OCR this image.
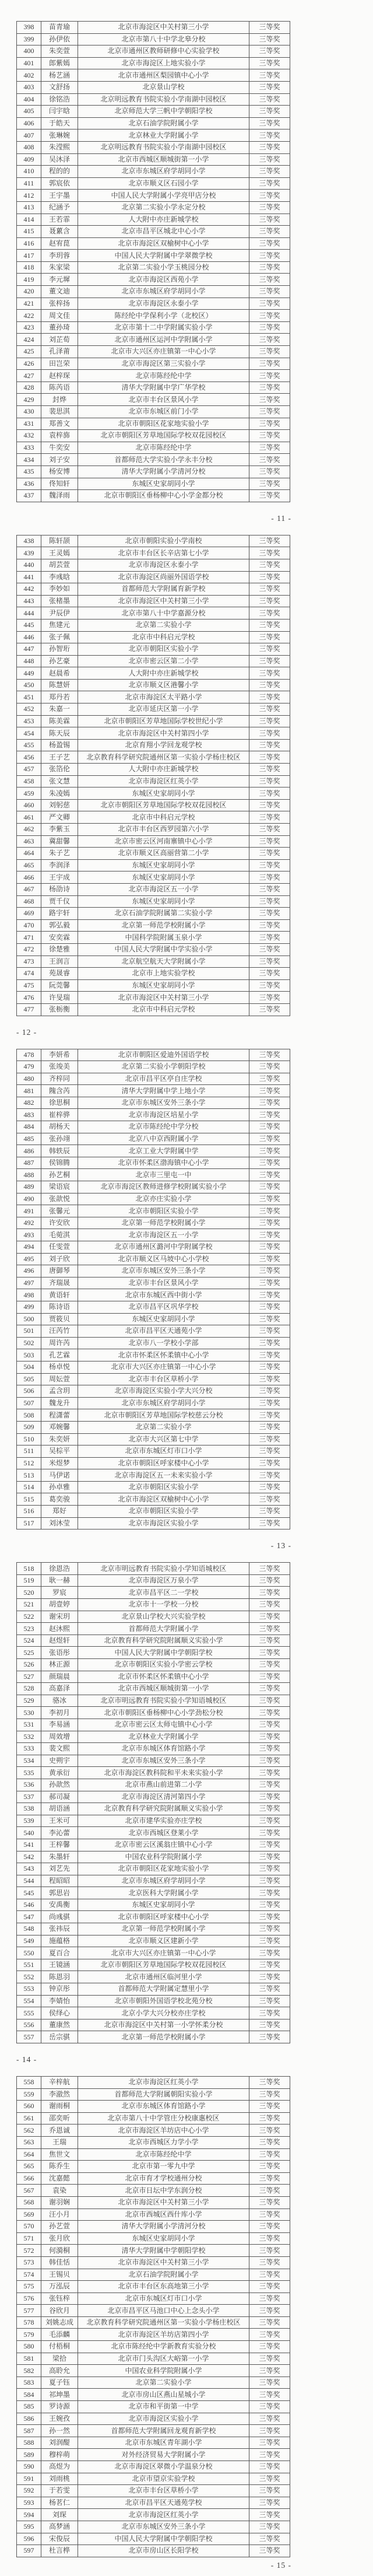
398	苗青瑜	北京市海淀区中关村第三小学	三等奖
399	孙伊依	北京市第八十中学北皋分校	三等奖
400	朱奕萱	北京市通州区教师研修中心实验学校	三等奖
401	郎紫嫣	北京市海淀区上地实验小学	三等奖
402	杨艺涵	北京市通州区梨园镇中心小学	三等奖
403	文舒扬	北京景山学校	三等奖
404	徐铭浩	北京明远教育书院实验小学南湖中园校区	三等奖
405	闫宇晗	北京师范大学三帆中学朝阳学校	三等奖
406	于皓天	北京石油学院附属小学	三等奖
407	张琳婉	北京林业大学附属小学	三等奖
408	朱滢熙	北京明远教育书院实验小学南湖中园校区	三等奖
409	吴沐泽	北京市西城区顺城街第一小学	三等奖
410	程的的	北京市东城区府学胡同小学	三等奖
411	郭宸依	北京市顺义区石园小学	三等奖
412	王宇墨	中国人民大学附属小学亮甲店分校	三等奖
413	纪涵予	北京第二实验小学永定分校	三等奖
414	王若霏	人大附中亦庄新城学校	三等奖
415	聂蔂含	北京市昌平区城北中心小学	三等奖
416	赵宥菎	北京市海淀区双榆树中心小学	三等奖
417	李玥蓉	中国人民大学附属中学翠微学校	三等奖
418	朱家梁	北京第二实验小学玉桃园分校	三等奖
419	李元墀	北京市海淀区西苑小学	三等奖
420	董文迪	北京市东城区府学胡同小学	三等奖
421	张梓扬	北京市海淀区永泰小学	三等奖
422	周文佳	陈经纶中学保利小学（北校区）	三等奖
423	董孙琦	北京市第十二中学附属实验小学	三等奖
424	刘芷荀	北京市通州区运河中学附属小学	三等奖
425	孔泽莆	北京市大兴区亦庄镇第一中心小学	三等奖
426	田岂荣	北京市海淀区第三实验小学	三等奖
427	赵梓琛	北京市陈经纶中学	三等奖
428	陈芮语	清华大学附属中学广华学校	三等奖
429	封烨	北京市丰台区景风小学	三等奖
430	裴思淇	北京市东城区前门小学	三等奖
431	郑善文	北京市朝阳区花家地实验小学	三等奖
432	袁梓旆	北京市朝阳区芳草地国际学校双花园校区	三等奖
433	牛奕安	北京市陈经纶中学	三等奖
434	刘子安	首都师范大学实验小学永丰分校	三等奖
435	杨安博	清华大学附属小学清河分校	三等奖
436	佟知轩	东城区史家胡同小学	三等奖
437	魏泽雨	北京市朝阳区垂杨柳中心小学金都分校	三等奖
- 11 -
438	陈轩颉	北京市朝阳实验小学南校	三等奖
439	王灵嫣	北京市丰台区长辛店第七小学	三等奖
440	胡芸萱	北京市海淀区永泰小学	三等奖
441	李彧晗	北京市海淀区尚丽外国语学校	三等奖
442	李妙如	首都师范大学附属育新学校	三等奖
443	张楮墨	北京市海淀区中关村第三小学	三等奖
444	尹辰伊	北京市第八十中学嘉源分校	三等奖
445	焦建元	北京第二实验小学	三等奖
446	张子佩	北京市中科启元学校	三等奖
447	孙智珩	北京市朝阳区实验小学	三等奖
448	孙艺豪	北京市密云区第二小学	三等奖
449	赵晨希	人大附中亦庄新城学校	三等奖
450	陈慧妍	北京市顺义区港馨小学	三等奖
451	郑丹若	北京市海淀区太平路小学	三等奖
452	朱嘉一	北京市延庆区第一小学	三等奖
453	陈美霖	北京市朝阳区芳草地国际学校世纪小学	三等奖
454	陈天辰	北京市海淀区中关村第四小学	三等奖
455	杨盈锡	北京育翔小学回龙观学校	三等奖
456	王子艺	北京教育科学研究院通州区第一实验小学杨庄校区	三等奖
457	张箔伦	人大附中亦庄新城学校	三等奖
458	张文慧	北京市海淀区红英小学	三等奖
459	朱凌嫣	东城区史家胡同小学	三等奖
460	刘躬慈	北京市朝阳区芳草地国际学校双花园校区	三等奖
461	严文卿	北京市中科启元学校	三等奖
462	李紫玉	北京市丰台区西罗园第六小学	三等奖
463	冀甜馨	北京市密云区河南寨镇中心小学	三等奖
464	朱子艺	北京市顺义区高丽营第二小学	三等奖
465	李润泽	东城区史家胡同小学	三等奖
466	王宇成	东城区史家胡同小学	三等奖
467	杨劭诗	北京市海淀区五一小学	三等奖
468	贾千仪	东城区史家胡同小学	三等奖
469	路宇轩	北京石油学院附属第二实验小学	三等奖
470	郭弘毅	北京第一师范学校附属小学	三等奖
471	安奕霖	中国科学院附属玉泉小学	三等奖
472	徐楚雅	中国人民大学附属中学实验小学	三等奖
473	王润言	北京航空航天大学附属小学	三等奖
474	苑晟睿	北京市上地实验学校	三等奖
475	阮莞馨	东城区史家胡同小学	三等奖
476	许旻瑞	北京市海淀区中关村第三小学	三等奖
477	张栃衡	北京市中科启元学校	三等奖
- 12 -
478	李妍希	北京市朝阳区爱迪外国语学校	三等奖
479	张竣美	北京第二实验小学朝阳学校	三等奖
480	齐梓同	北京市昌平区亭自庄学校	三等奖
481	隗含芮	清华大学附属中学上地小学	三等奖
482	徐思桐	北京市东城区安外三条小学	三等奖
483	崔梓骅	北京市海淀区培星小学	三等奖
484	胡杨天	北京市陈经纶中学分校	三等奖
485	张孙翊	北京八中京西附属小学	三等奖
486	韩轶辰	北京工业大学附属中学	三等奖
487	侯锦腾	北京市怀柔区渤海镇中心小学	三等奖
488	孙艺桐	北京市三里屯一中	三等奖
489	梁语宸	北京市海淀区教师进修学校附属实验小学	三等奖
490	张歆悦	北京亦庄实验小学	三等奖
491	张馨元	北京市朝阳区实验小学	三等奖
492	许安欣	北京第一师范学校附属小学	三等奖
493	毛菀淇	北京市海淀区五一小学	三等奖
494	任雯萱	北京市通州区潞河中学附属学校	三等奖
495	刘子欣	北京市顺义区马坡中心小学校	三等奖
496	唐御琴	北京市东城区安外三条小学	三等奖
497	齐瑞晟	北京市丰台区景风小学	三等奖
498	黄语轩	北京市东城区西中街小学	三等奖
499	陈诗语	北京市昌平区巩华学校	三等奖
500	贾筱贝	东城区史家胡同小学	三等奖
501	汪芮竹	北京市昌平区天通苑小学	三等奖
502	周许芮	北京市八一学校小学部	三等奖
503	孔艺霖	北京市怀柔区怀柔镇中心小学	三等奖
504	杨卓悦	北京市大兴区亦庄镇第一中心小学	三等奖
505	周妘萱	北京市丰台区草桥小学	三等奖
506	孟含玥	北京市海淀区实验小学大兴分校	三等奖
507	魏龙升	北京市东城区府学胡同小学	三等奖
508	程潇蕾	北京市朝阳区芳草地国际学校慈云分校	三等奖
509	邓婉馨	北京第二实验小学	三等奖
510	朱奕妍	北京市大兴区第七中学	三等奖
511	吴棕平	北京市东城区灯市口小学	三等奖
512	米煜梦	北京市朝阳区呼家楼中心小学	三等奖
513	马伊诺	北京市海淀区五一未来实验小学	三等奖
514	孙卓雅	北京市朝阳区实验小学	三等奖
515	葛奕骏	北京市海淀区双榆树中心小学	三等奖
516	郑好	北京市朝阳区实验小学	三等奖
517	刘沐莹	北京市海淀区实验小学	三等奖
- 13 -
518	徐恩浩	北京市明远教育书院实验小学知语城校区	三等奖
519	耿一赫	北京市海淀区万泉小学	三等奖
520	罗宸	北京市昌平区二一学校	三等奖
521	胡壹婷	北京市十一学校一分校	三等奖
522	谢宋玥	北京景山学校大兴实验学校	三等奖
523	赵沐熙	首都师范大学附属小学	三等奖
524	赵煜轩	北京教育科学研究院附属顺义实验小学	三等奖
525	张语彤	中国人民大学附属中学朝阳学校	三等奖
526	林正源	北京市朝阳区实验小学密云学校	三等奖
527	颜瑞晨	北京市怀柔区怀柔镇中心小学	三等奖
528	高嘉泽	北京市西城区顺城街第一小学	三等奖
529	骆冰	北京市明远教育书院实验小学知语城校区	三等奖
530	李初月	北京市朝阳区垂杨柳中心小学劲松分校	三等奖
531	李易涵	北京市密云区太师屯镇中心小学	三等奖
532	周效增	北京林业大学附属小学	三等奖
533	裴文熙	北京市东城区体育馆路小学	三等奖
534	史朔宇	北京市东城区安外三条小学	三等奖
535	黄承衍	北京市海淀区教科院和平未来实验小学	三等奖
536	孙歆然	北京市燕山前进第二小学	三等奖
537	郝司凝	北京市海淀区清河第四小学	三等奖
538	胡语涵	北京教育科学研究院附属顺义实验小学	三等奖
539	王米可	北京市建华实验亦庄学校	三等奖
540	李沁蕾	北京市西城区登莱小学	三等奖
541	王梓馨	北京市密云区溪翁庄镇中心小学	三等奖
542	朱墨轩	中国农业科学院附属小学	三等奖
543	刘艺先	北京市朝阳区花家地实验小学	三等奖
544	程昭昭	北京市东城区府学胡同小学	三等奖
545	郭思岩	北京医科大学附属小学	三等奖
546	安禹衡	东城区史家胡同小学	三等奖
547	尚彧骐	北京市朝阳区呼家楼中心小学	三等奖
548	张祎辰	北京第一师范学校附属小学	三等奖
549	施蕴格	北京市顺义区建新小学	三等奖
550	夏百合	北京市大兴区亦庄镇第一中心小学	三等奖
551	王镜涵	北京市朝阳区芳草地国际学校双花园校区	三等奖
552	陈恩羽	北京市通州区临河里小学	三等奖
553	钟京彤	首都师范大学附属定慧里小学	三等奖
554	李婧怡	北京市朝阳外国语学校北苑分校	三等奖
555	侯绎心	北京小学大兴分校亦庄学校	三等奖
556	董康然	北京市海淀区中关村第一小学怀柔分校	三等奖
557	岳宗骐	北京第一师范学校附属小学	三等奖
- 14 -
558	辛梓航	北京市海淀区红英小学	三等奖
559	李澈然	首都师范大学附属朝阳实验小学	三等奖
560	谢雨桐	北京市东城区体育馆路小学	三等奖
561	邵奕昕	北京市第八十中学管庄分校康惠校区	三等奖
562	乔恩诚	北京市海淀区羊坊店中心小学	三等奖
563	王瑞	北京市西城区力学小学	三等奖
564	焦世文	北京市陈经纶中学	三等奖
565	陈乔生	北京市第一零九中学	三等奖
566	沈嘉懿	北京市育才学校通州分校	三等奖
567	袁染	北京市日坛中学东润分校	三等奖
568	谢羽娴	北京市海淀区中关村第三小学	三等奖
569	汪小月	北京市西城区西什库小学	三等奖
570	孙艺萱	清华大学附属小学清河分校	三等奖
571	张月欣	东城区史家胡同小学	三等奖
572	何漪桐	清华大学附属中学朝阳学校	三等奖
573	韩佳恬	北京市海淀区中关村第三小学	三等奖
574	王锡贝	北京石油学院附属小学	三等奖
575	万泓辰	北京市丰台区东高地第三小学	三等奖
576	张钰梓	北京市东城区灯市口小学	三等奖
577	谷欣月	北京市昌平区马池口中心上念头小学	三等奖
578	刘姚志成	北京教育科学研究院通州区第一实验小学杨庄校区	三等奖
579	毛添麟	北京市海淀区羊坊店第四小学	三等奖
580	付梧桐	北京市陈经纶中学新教育实验分校	三等奖
581	梁拾	北京市门头沟区大峪第一小学	三等奖
582	高聆允	中国农业科学院附属小学	三等奖
583	夏子钰	北京第二实验小学	三等奖
584	祁坤墨	北京市房山区燕山星城小学	三等奖
585	罗诗源	北京市和平街第一中学	三等奖
586	王婉孜	北京市海淀区实验小学	三等奖
587	孙一然	首都师范大学附属回龙观育新学校	三等奖
588	刘润醍	北京市东城区青年湖小学	三等奖
589	穆梓萌	对外经济贸易大学附属小学	三等奖
590	高煜为	北京市海淀区翠微小学温泉分校	三等奖
591	刘雨桃	北京市望京实验学校	三等奖
592	于若雯	北京市丰台区草桥小学	三等奖
593	杨茗仁	北京市昌平区天通苑学校	三等奖
594	刘琛	北京市海淀区红英小学	三等奖
595	高梦涵	北京市东城区安外三条小学	三等奖
596	宋俊辰	中国人民大学附属中学朝阳学校	三等奖
597	杜言桦	北京市房山区长阳学校	三等奖
- 15 -
